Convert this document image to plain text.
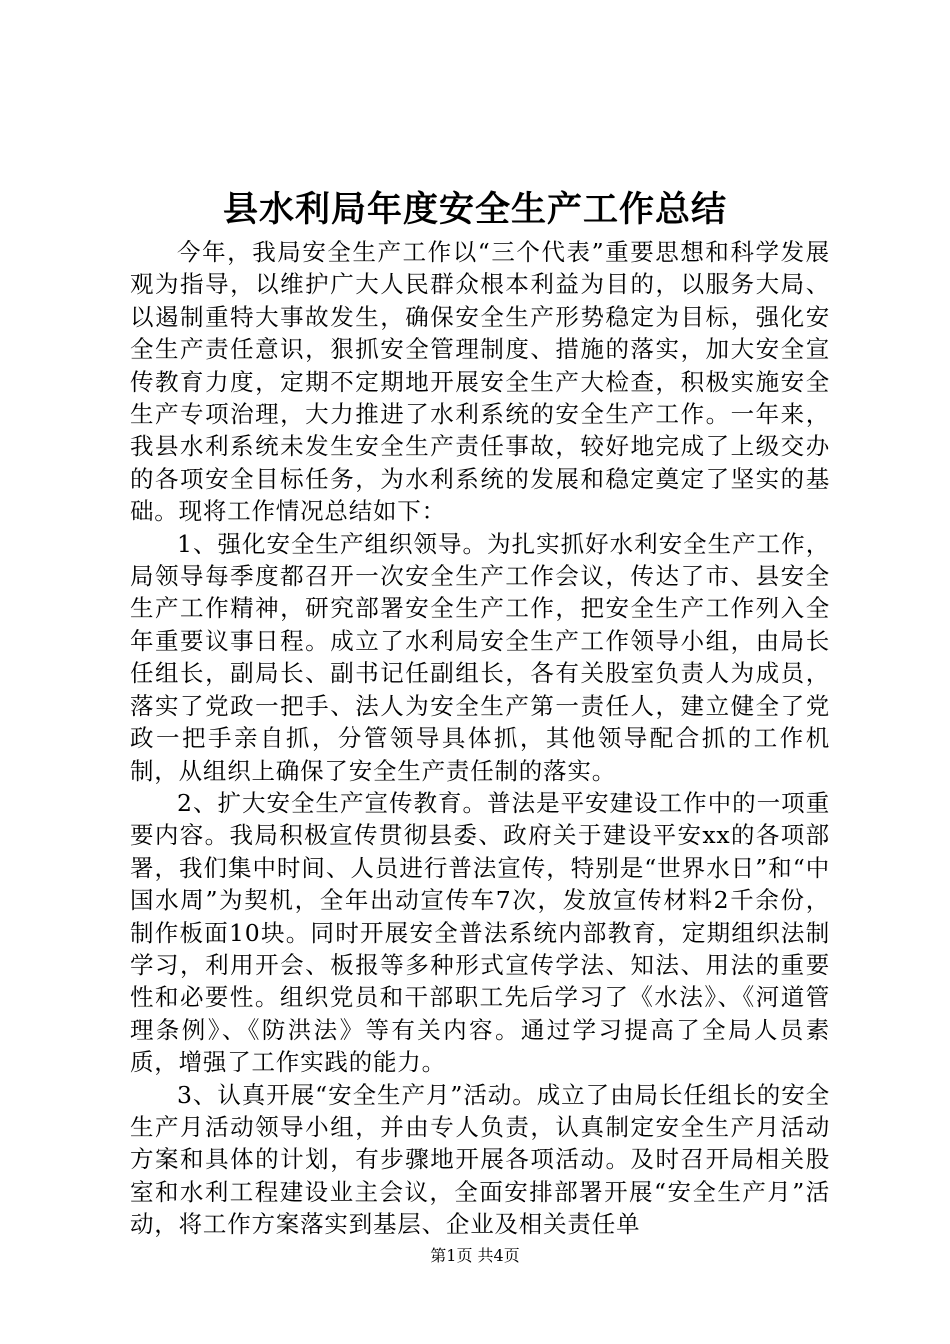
县水利局年度安全生产工作总结

今年，我局安全生产工作以“三个代表”重要思想和科学发展观为指导，以维护广大人民群众根本利益为目的，以服务大局、以遏制重特大事故发生，确保安全生产形势稳定为目标，强化安全生产责任意识，狠抓安全管理制度、措施的落实，加大安全宣传教育力度，定期不定期地开展安全生产大检查，积极实施安全生产专项治理，大力推进了水利系统的安全生产工作。一年来，我县水利系统未发生安全生产责任事故，较好地完成了上级交办的各项安全目标任务，为水利系统的发展和稳定奠定了坚实的基础。现将工作情况总结如下：

1、强化安全生产组织领导。为扎实抓好水利安全生产工作，局领导每季度都召开一次安全生产工作会议，传达了市、县安全生产工作精神，研究部署安全生产工作，把安全生产工作列入全年重要议事日程。成立了水利局安全生产工作领导小组，由局长任组长，副局长、副书记任副组长，各有关股室负责人为成员，落实了党政一把手、法人为安全生产第一责任人，建立健全了党政一把手亲自抓，分管领导具体抓，其他领导配合抓的工作机制，从组织上确保了安全生产责任制的落实。

2、扩大安全生产宣传教育。普法是平安建设工作中的一项重要内容。我局积极宣传贯彻县委、政府关于建设平安xx的各项部署，我们集中时间、人员进行普法宣传，特别是“世界水日”和“中国水周”为契机，全年出动宣传车7次，发放宣传材料2千余份，制作板面10块。同时开展安全普法系统内部教育，定期组织法制学习，利用开会、板报等多种形式宣传学法、知法、用法的重要性和必要性。组织党员和干部职工先后学习了《水法》、《河道管理条例》、《防洪法》等有关内容。通过学习提高了全局人员素质，增强了工作实践的能力。

3、认真开展“安全生产月”活动。成立了由局长任组长的安全生产月活动领导小组，并由专人负责，认真制定安全生产月活动方案和具体的计划，有步骤地开展各项活动。及时召开局相关股室和水利工程建设业主会议，全面安排部署开展“安全生产月”活动，将工作方案落实到基层、企业及相关责任单

第1页 共4页
